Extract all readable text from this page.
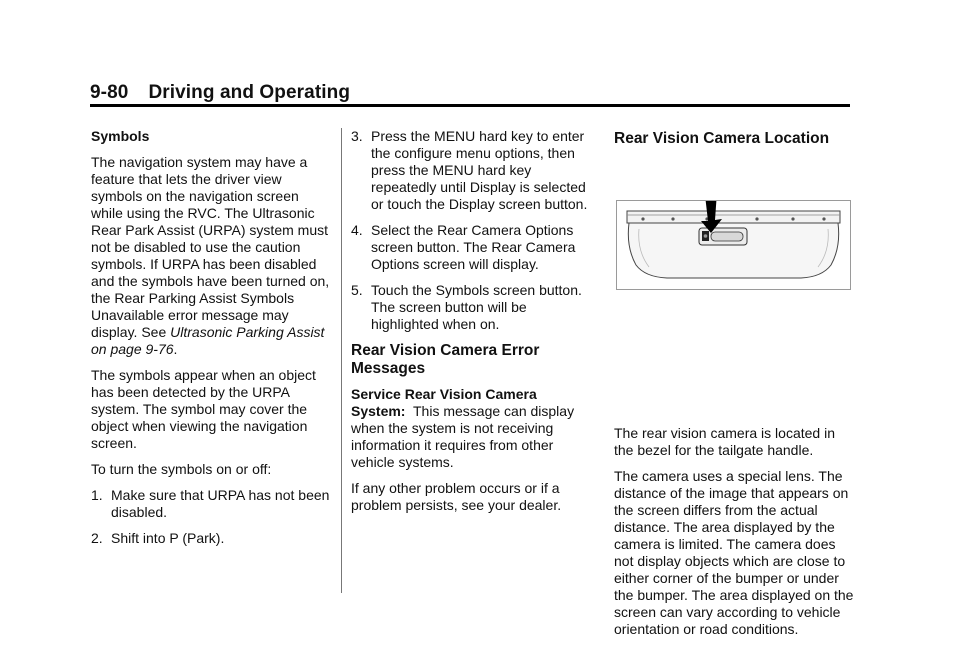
9-80 Driving and Operating

Symbols

The navigation system may have a feature that lets the driver view symbols on the navigation screen while using the RVC. The Ultrasonic Rear Park Assist (URPA) system must not be disabled to use the caution symbols. If URPA has been disabled and the symbols have been turned on, the Rear Parking Assist Symbols Unavailable error message may display. See Ultrasonic Parking Assist on page 9-76.

The symbols appear when an object has been detected by the URPA system. The symbol may cover the object when viewing the navigation screen.

To turn the symbols on or off:

1. Make sure that URPA has not been disabled.
2. Shift into P (Park).
3. Press the MENU hard key to enter the configure menu options, then press the MENU hard key repeatedly until Display is selected or touch the Display screen button.
4. Select the Rear Camera Options screen button. The Rear Camera Options screen will display.
5. Touch the Symbols screen button. The screen button will be highlighted when on.
Rear Vision Camera Error Messages

Service Rear Vision Camera System: This message can display when the system is not receiving information it requires from other vehicle systems.

If any other problem occurs or if a problem persists, see your dealer.

Rear Vision Camera Location

The rear vision camera is located in the bezel for the tailgate handle.

The camera uses a special lens. The distance of the image that appears on the screen differs from the actual distance. The area displayed by the camera is limited. The camera does not display objects which are close to either corner of the bumper or under the bumper. The area displayed on the screen can vary according to vehicle orientation or road conditions.
